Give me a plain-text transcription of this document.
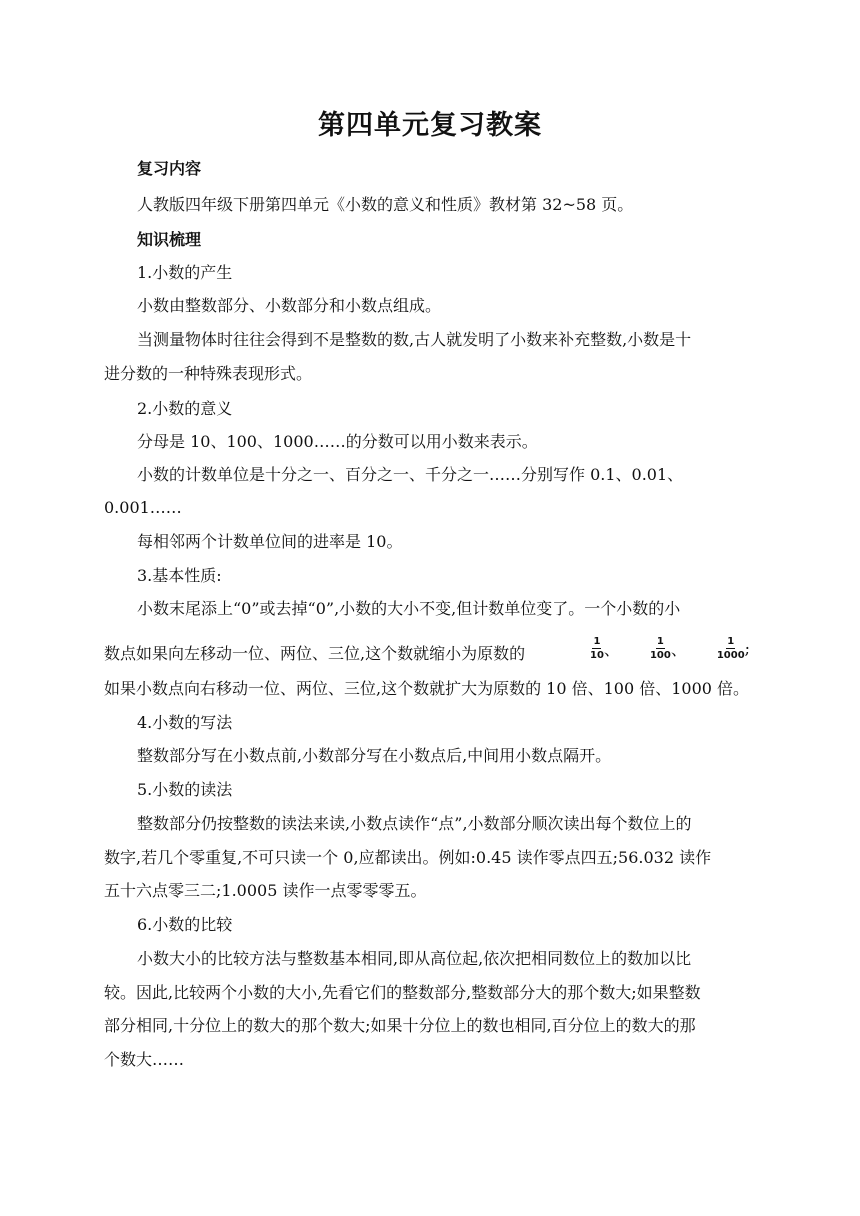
第四单元复习教案
复习内容
人教版四年级下册第四单元《小数的意义和性质》教材第 32~58 页。
知识梳理
1.小数的产生
小数由整数部分、小数部分和小数点组成。
当测量物体时往往会得到不是整数的数,古人就发明了小数来补充整数,小数是十
进分数的一种特殊表现形式。
2.小数的意义
分母是 10、100、1000……的分数可以用小数来表示。
小数的计数单位是十分之一、百分之一、千分之一……分别写作 0.1、0.01、
0.001……
每相邻两个计数单位间的进率是 10。
3.基本性质:
小数末尾添上“0”或去掉“0”,小数的大小不变,但计数单位变了。一个小数的小
数点如果向左移动一位、两位、三位,这个数就缩小为原数的	$\frac{1}{10}$ 、	$\frac{1}{100}$ 、	$\frac{1}{1000}$ ;
如果小数点向右移动一位、两位、三位,这个数就扩大为原数的 10 倍、100 倍、1000 倍。
4.小数的写法
整数部分写在小数点前,小数部分写在小数点后,中间用小数点隔开。
5.小数的读法
整数部分仍按整数的读法来读,小数点读作“点”,小数部分顺次读出每个数位上的
数字,若几个零重复,不可只读一个 0,应都读出。例如:0.45 读作零点四五;56.032 读作
五十六点零三二;1.0005 读作一点零零零五。
6.小数的比较
小数大小的比较方法与整数基本相同,即从高位起,依次把相同数位上的数加以比
较。因此,比较两个小数的大小,先看它们的整数部分,整数部分大的那个数大;如果整数
部分相同,十分位上的数大的那个数大;如果十分位上的数也相同,百分位上的数大的那
个数大……
